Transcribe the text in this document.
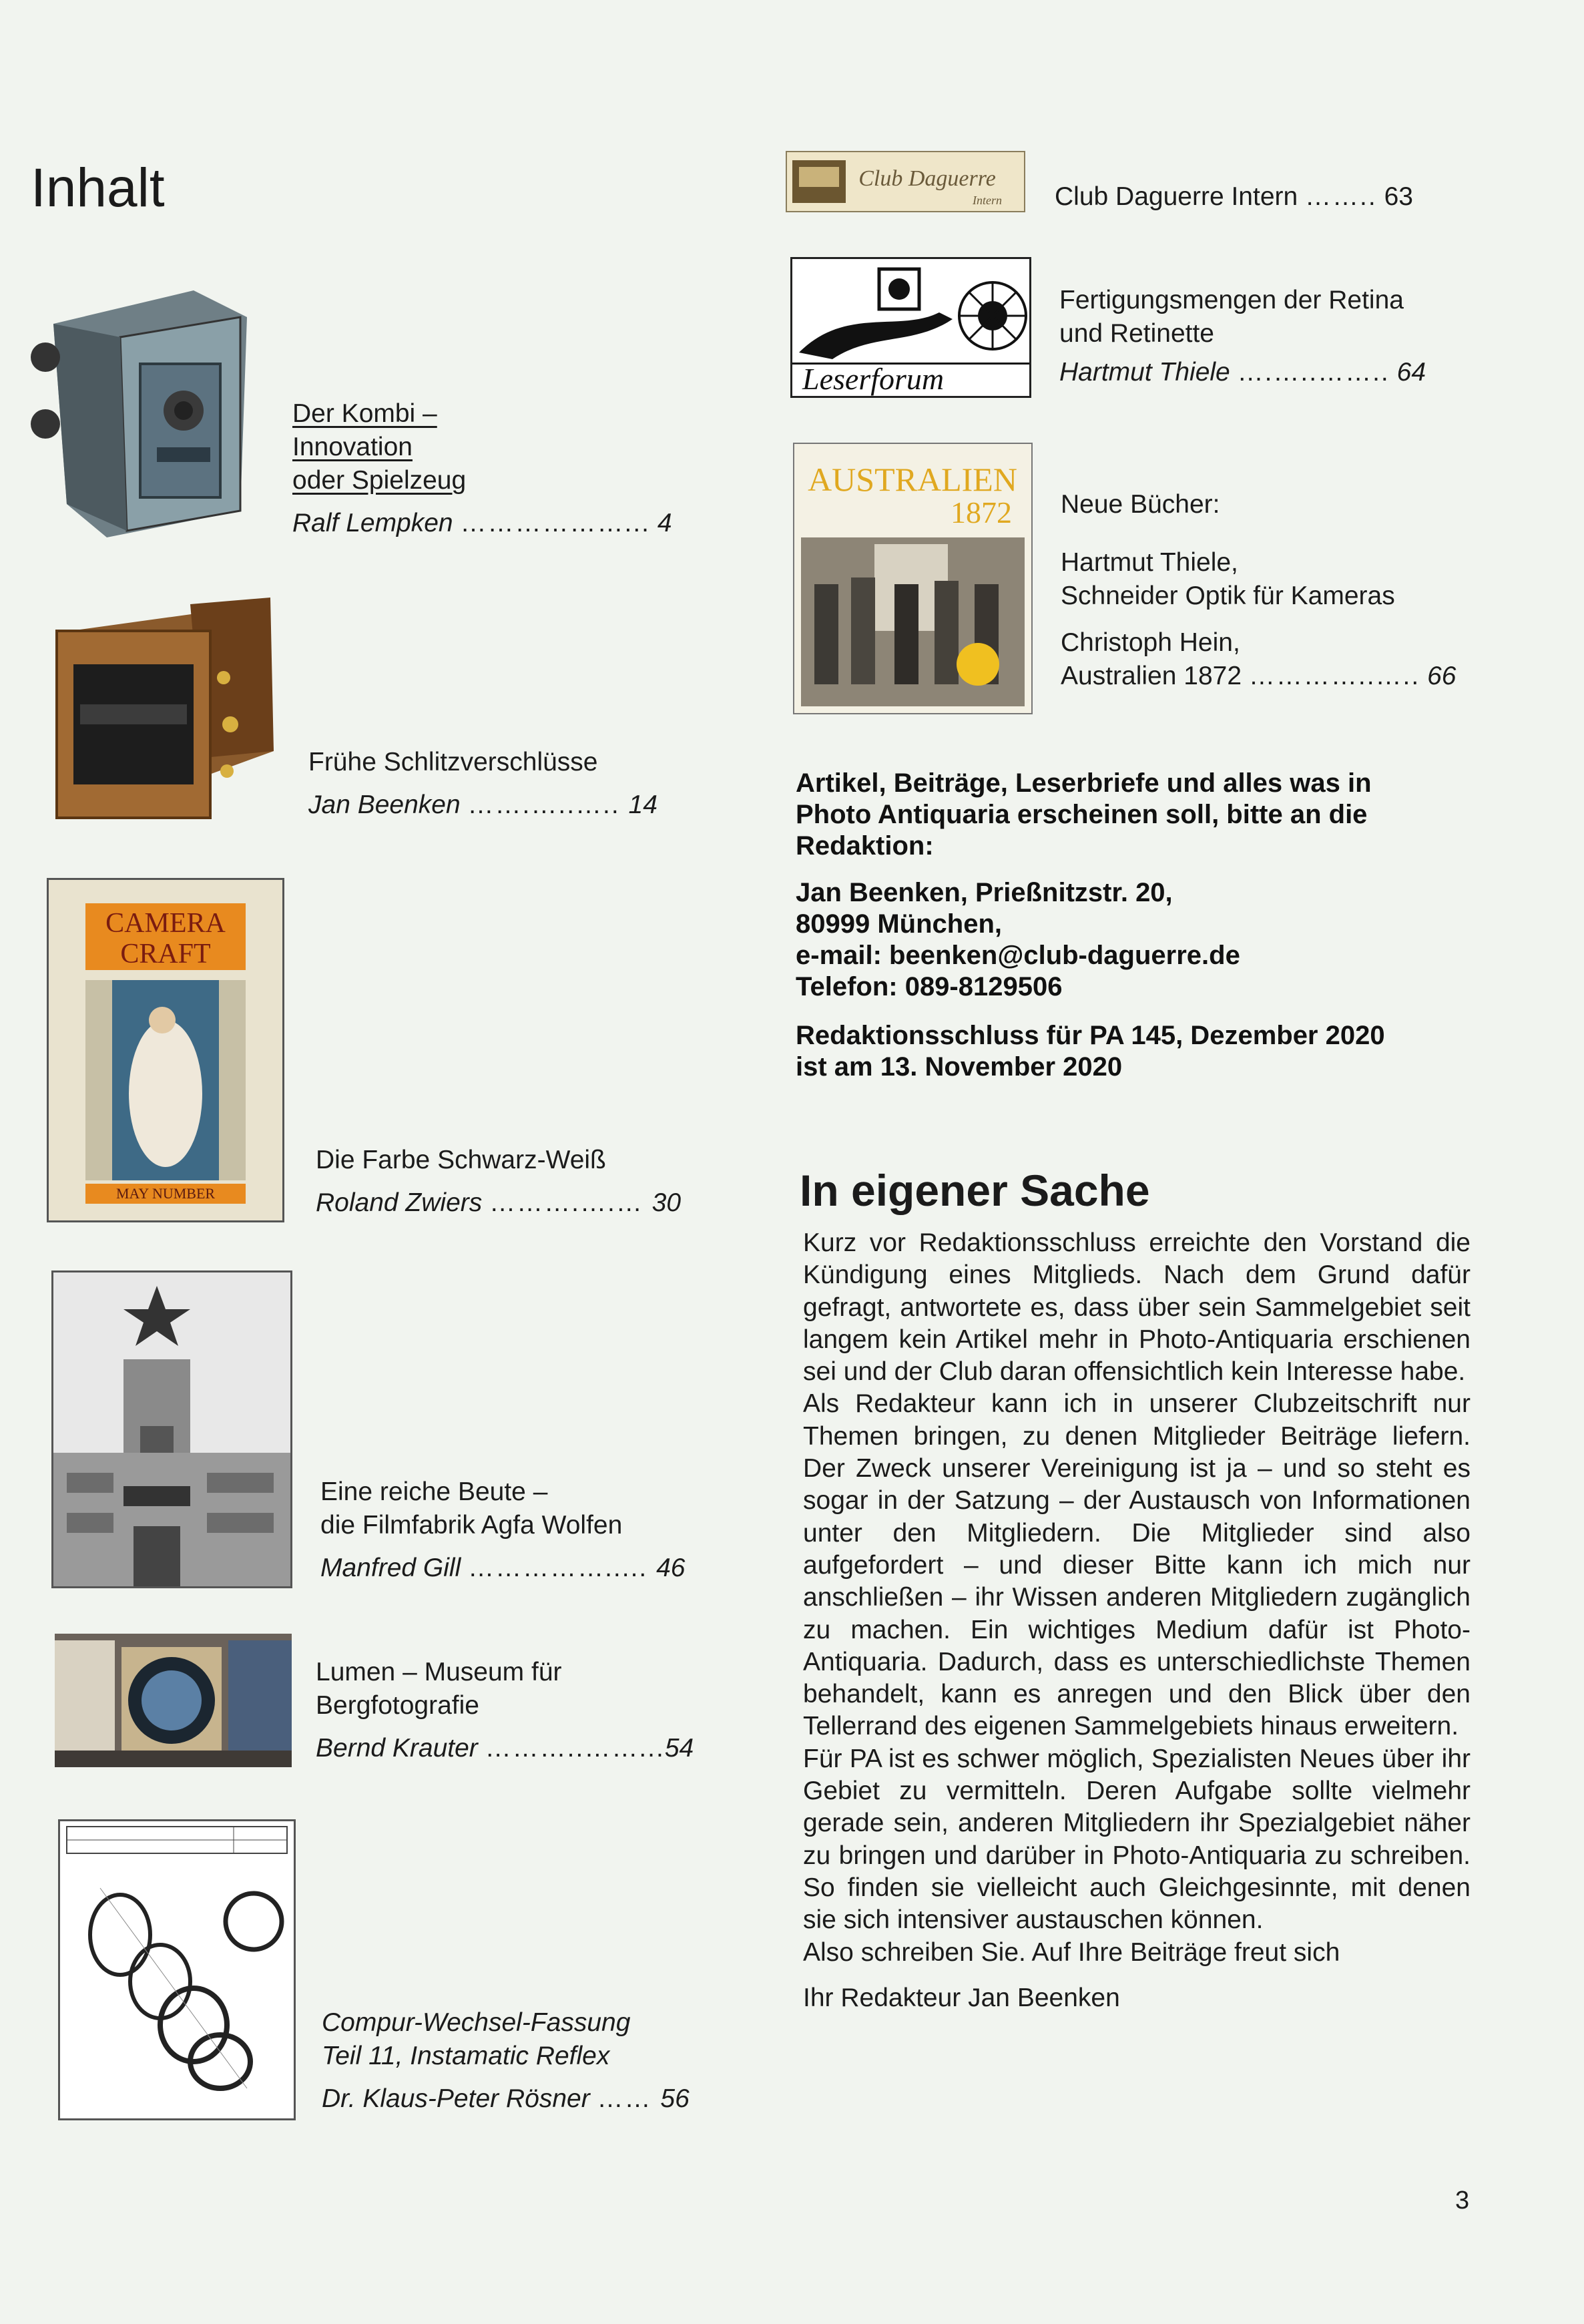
Inhalt
CAMERA
CRAFT
MAY NUMBER
Der Kombi –
Innovation
oder Spielzeug
Ralf Lempken ………………... 4
Frühe Schlitzverschlüsse
Jan Beenken …….…..….. 14
Die Farbe Schwarz-Weiß
Roland Zwiers ……….….… 30
Eine reiche Beute –
die Filmfabrik Agfa Wolfen
Manfred Gill ……………..... 46
Lumen – Museum für
Bergfotografie
Bernd Krauter ………..……...54
Compur-Wechsel-Fassung
Teil 11, Instamatic Reflex
Dr. Klaus-Peter Rösner …… 56
Club Daguerre
Intern
Leserforum
AUSTRALIEN
1872
Club Daguerre Intern …….. 63
Fertigungsmengen der Retina
und Retinette
Hartmut Thiele ….…..…….. 64
Neue Bücher:
Hartmut Thiele,
Schneider Optik für Kameras
Christoph Hein,
Australien 1872 …………..….. 66
Artikel, Beiträge, Leserbriefe und alles was in
Photo Antiquaria erscheinen soll, bitte an die
Redaktion:
Jan Beenken, Prießnitzstr. 20,
80999 München,
e-mail: beenken@club-daguerre.de
Telefon: 089-8129506
Redaktionsschluss für PA 145, Dezember 2020
ist am 13. November 2020
In eigener Sache

Kurz vor Redaktionsschluss erreichte den Vorstand die Kündigung eines Mitglieds. Nach dem Grund dafür gefragt, antwortete es, dass über sein Sammelgebiet seit langem kein Artikel mehr in Photo-Antiquaria erschienen sei und der Club daran offensichtlich kein Interesse habe.

Als Redakteur kann ich in unserer Clubzeitschrift nur Themen bringen, zu denen Mitglieder Beiträge liefern. Der Zweck unserer Vereinigung ist ja – und so steht es sogar in der Satzung – der Austausch von Informationen unter den Mitgliedern. Die Mitglieder sind also aufgefordert – und dieser Bitte kann ich mich nur anschließen – ihr Wissen anderen Mitgliedern zugänglich zu machen. Ein wichtiges Medium dafür ist Photo-Antiquaria. Dadurch, dass es unterschiedlichste Themen behandelt, kann es anregen und den Blick über den Tellerrand des eigenen Sammelgebiets hinaus erweitern.

Für PA ist es schwer möglich, Spezialisten Neues über ihr Gebiet zu vermitteln. Deren Aufgabe sollte vielmehr gerade sein, anderen Mitgliedern ihr Spezialgebiet näher zu bringen und darüber in Photo-Antiquaria zu schreiben. So finden sie vielleicht auch Gleichgesinnte, mit denen sie sich intensiver austauschen können.

Also schreiben Sie. Auf Ihre Beiträge freut sich

Ihr Redakteur Jan Beenken

3
